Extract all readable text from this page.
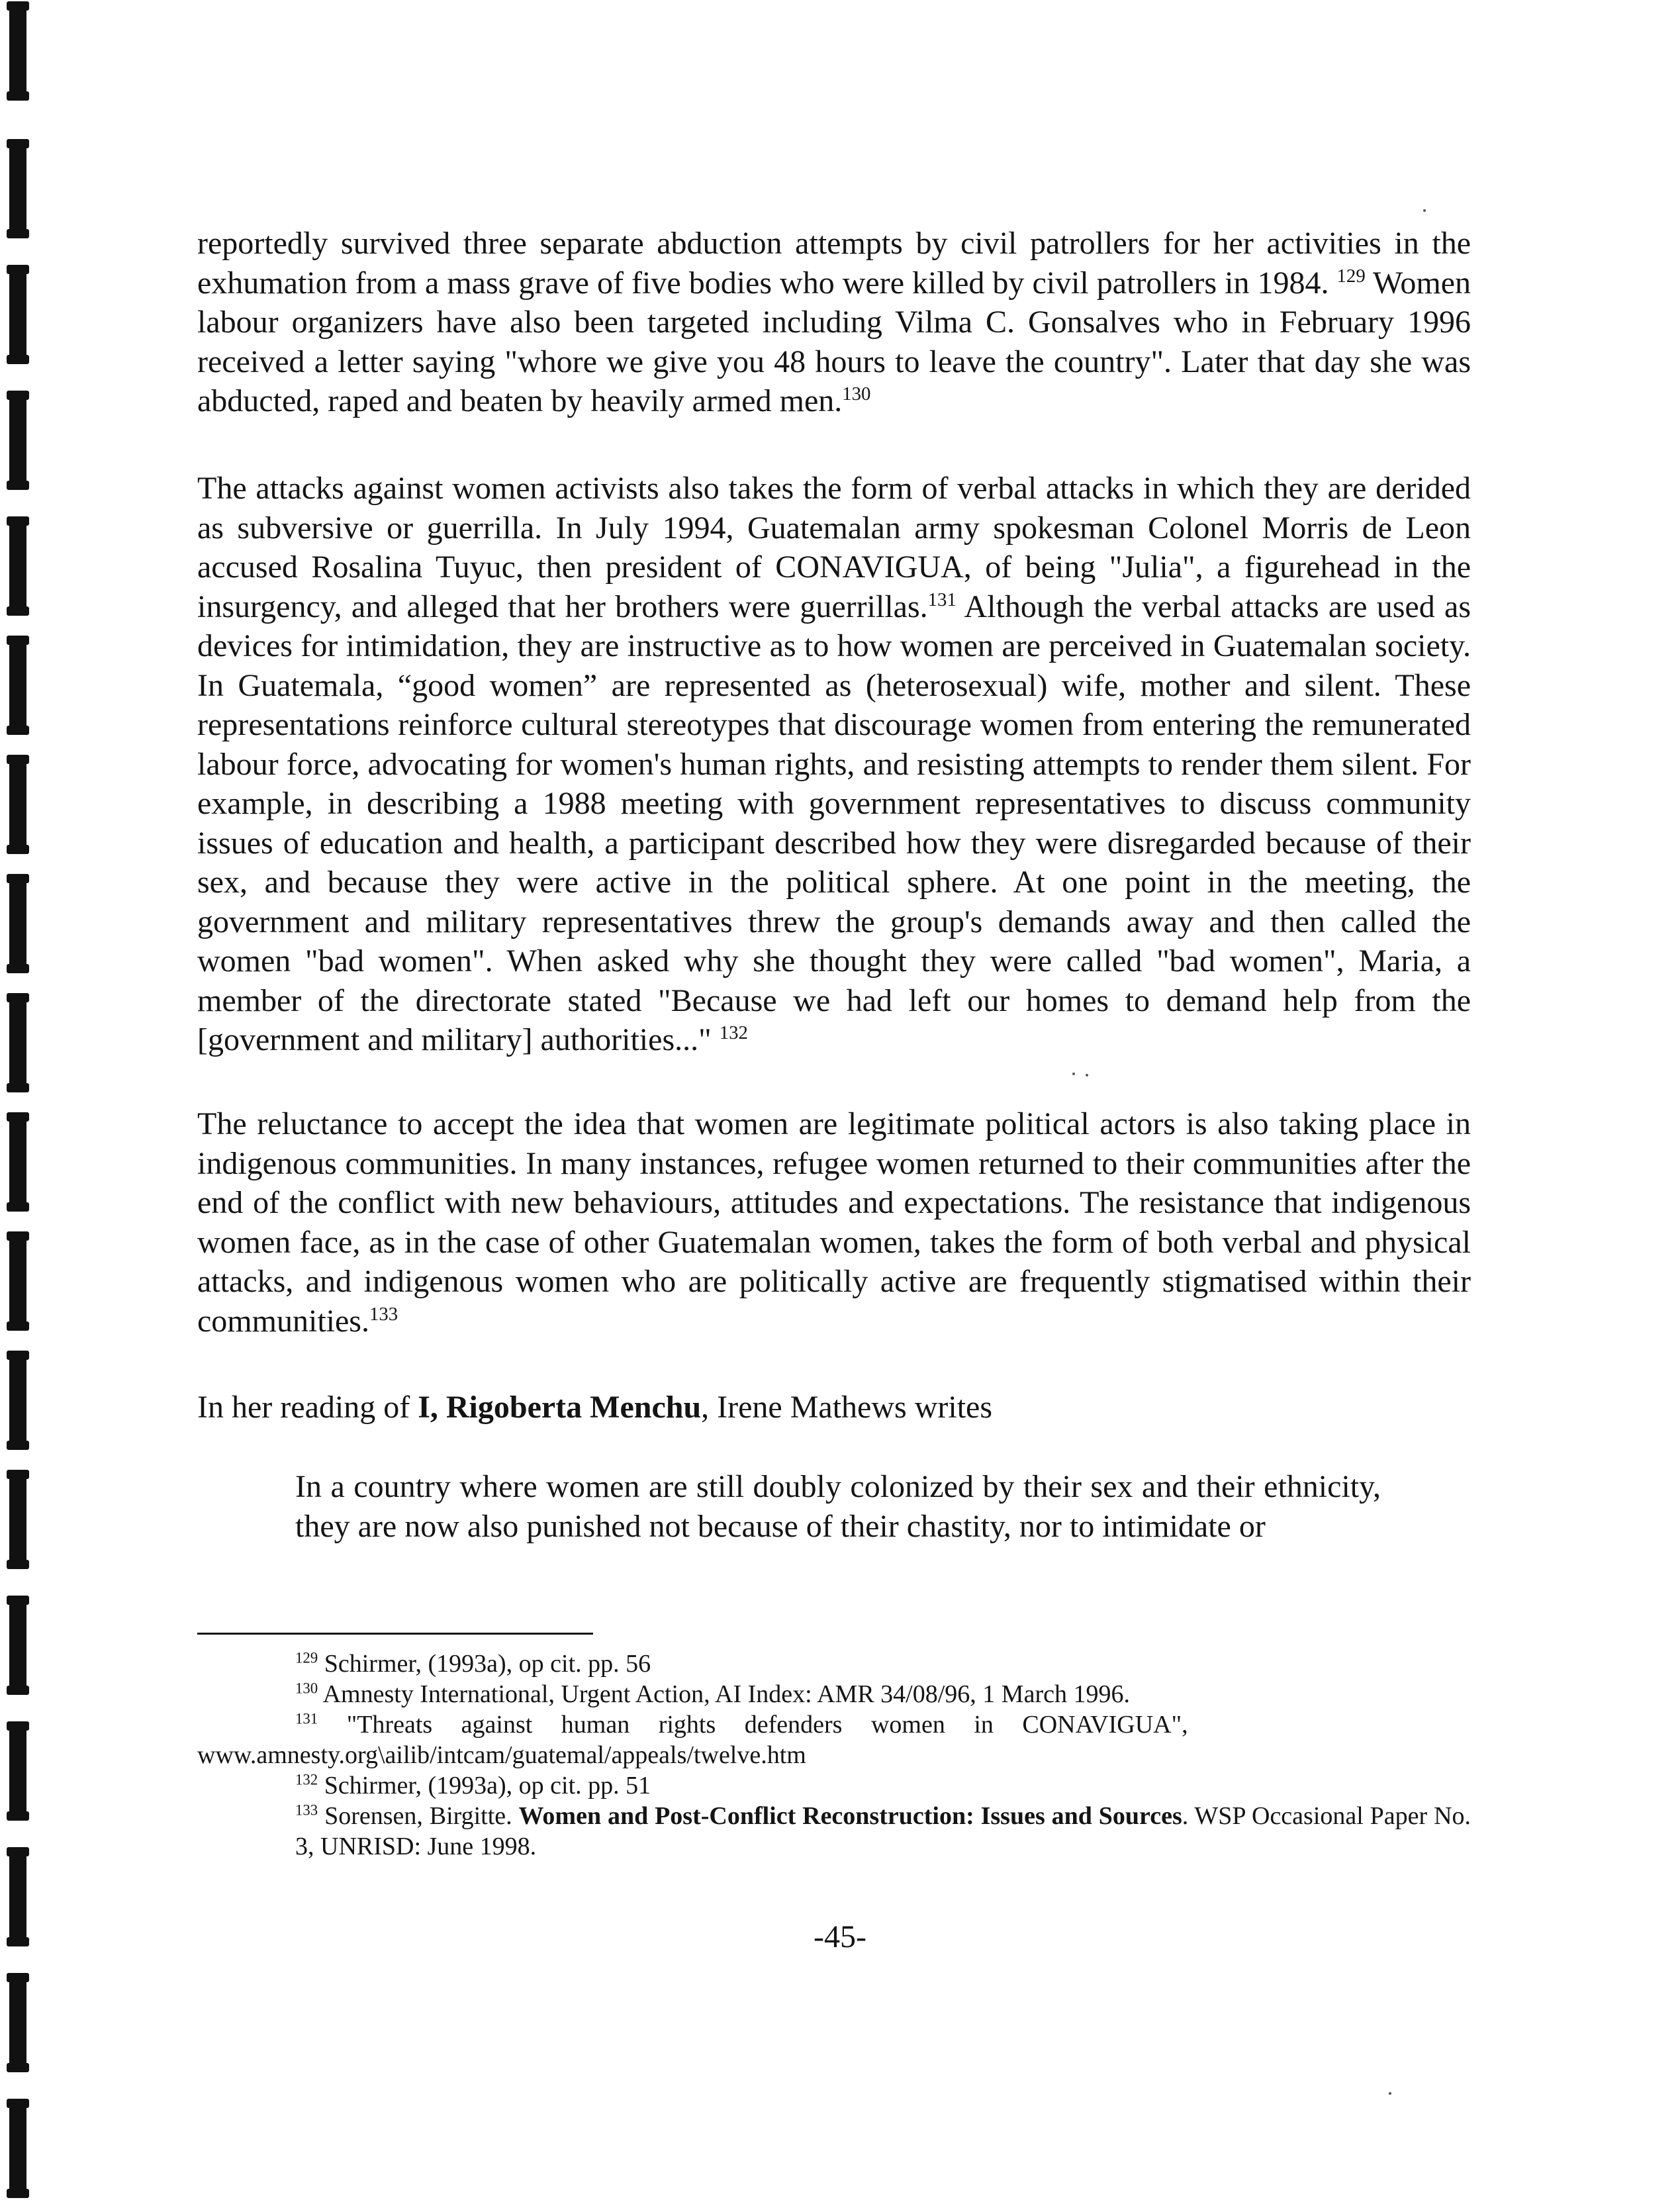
reportedly survived three separate abduction attempts by civil patrollers for her activities in the exhumation from a mass grave of five bodies who were killed by civil patrollers in 1984. $^{129}$ Women labour organizers have also been targeted including Vilma C. Gonsalves who in February 1996 received a letter saying "whore we give you 48 hours to leave the country". Later that day she was abducted, raped and beaten by heavily armed men.$^{130}$

The attacks against women activists also takes the form of verbal attacks in which they are derided as subversive or guerrilla. In July 1994, Guatemalan army spokesman Colonel Morris de Leon accused Rosalina Tuyuc, then president of CONAVIGUA, of being "Julia", a figurehead in the insurgency, and alleged that her brothers were guerrillas.$^{131}$ Although the verbal attacks are used as devices for intimidation, they are instructive as to how women are perceived in Guatemalan society. In Guatemala, “good women” are represented as (heterosexual) wife, mother and silent. These representations reinforce cultural stereotypes that discourage women from entering the remunerated labour force, advocating for women's human rights, and resisting attempts to render them silent. For example, in describing a 1988 meeting with government representatives to discuss community issues of education and health, a participant described how they were disregarded because of their sex, and because they were active in the political sphere. At one point in the meeting, the government and military representatives threw the group's demands away and then called the women "bad women". When asked why she thought they were called "bad women", Maria, a member of the directorate stated "Because we had left our homes to demand help from the [government and military] authorities..." $^{132}$

The reluctance to accept the idea that women are legitimate political actors is also taking place in indigenous communities. In many instances, refugee women returned to their communities after the end of the conflict with new behaviours, attitudes and expectations. The resistance that indigenous women face, as in the case of other Guatemalan women, takes the form of both verbal and physical attacks, and indigenous women who are politically active are frequently stigmatised within their communities.$^{133}$

In her reading of I, Rigoberta Menchu, Irene Mathews writes

In a country where women are still doubly colonized by their sex and their ethnicity, they are now also punished not because of their chastity, nor to intimidate or

$^{129}$ Schirmer, (1993a), op cit. pp. 56

$^{130}$ Amnesty International, Urgent Action, AI Index: AMR 34/08/96, 1 March 1996.

$^{131}$ "Threats against human rights defenders women in CONAVIGUA",

www.amnesty.org\ailib/intcam/guatemal/appeals/twelve.htm

$^{132}$ Schirmer, (1993a), op cit. pp. 51

$^{133}$ Sorensen, Birgitte. Women and Post-Conflict Reconstruction: Issues and Sources. WSP Occasional Paper No. 3, UNRISD: June 1998.

-45-
